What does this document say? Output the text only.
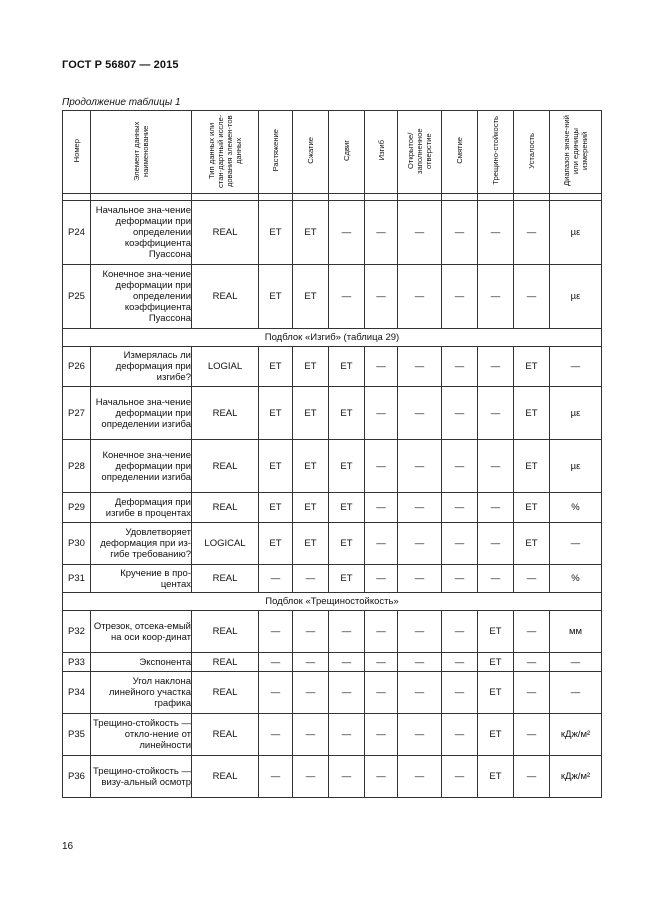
ГОСТ Р 56807 — 2015
Продолжение таблицы 1
Номер	Элемент данных наименование	Тип данных или стан-дартный иссле-дования элемен-тов данных	Растяжение	Сжатие	Сдвиг	Изгиб	Открытое/ заполненное отверстие	Смятие	Трещино-стойкость	Усталость	Диапазон значе-ний или единицы измерений

P24	Начальное зна-чение деформации при определении коэффициента Пуассона	REAL	ET	ET	—	—	—	—	—	—	µε
P25	Конечное зна-чение деформации при определении коэффициента Пуассона	REAL	ET	ET	—	—	—	—	—	—	µε
Подблок «Изгиб» (таблица 29)											
P26	Измерялась ли деформация при изгибе?	LOGIAL	ET	ET	ET	—	—	—	—	ET	—
P27	Начальное зна-чение деформации при определении изгиба	REAL	ET	ET	ET	—	—	—	—	ET	µε
P28	Конечное зна-чение деформации при определении изгиба	REAL	ET	ET	ET	—	—	—	—	ET	µε
P29	Деформация при изгибе в процентах	REAL	ET	ET	ET	—	—	—	—	ET	%
P30	Удовлетворяет деформация при из-гибе требованию?	LOGICAL	ET	ET	ET	—	—	—	—	ET	—
P31	Кручение в про-центах	REAL	—	—	ET	—	—	—	—	—	%
Подблок «Трещиностойкость»											
P32	Отрезок, отсека-емый на оси коор-динат	REAL	—	—	—	—	—	—	ET	—	мм
P33	Экспонента	REAL	—	—	—	—	—	—	ET	—	—
P34	Угол наклона линейного участка графика	REAL	—	—	—	—	—	—	ET	—	—
P35	Трещино-стойкость — откло-нение от линейности	REAL	—	—	—	—	—	—	ET	—	кДж/м²
P36	Трещино-стойкость — визу-альный осмотр	REAL	—	—	—	—	—	—	ET	—	кДж/м²
16
